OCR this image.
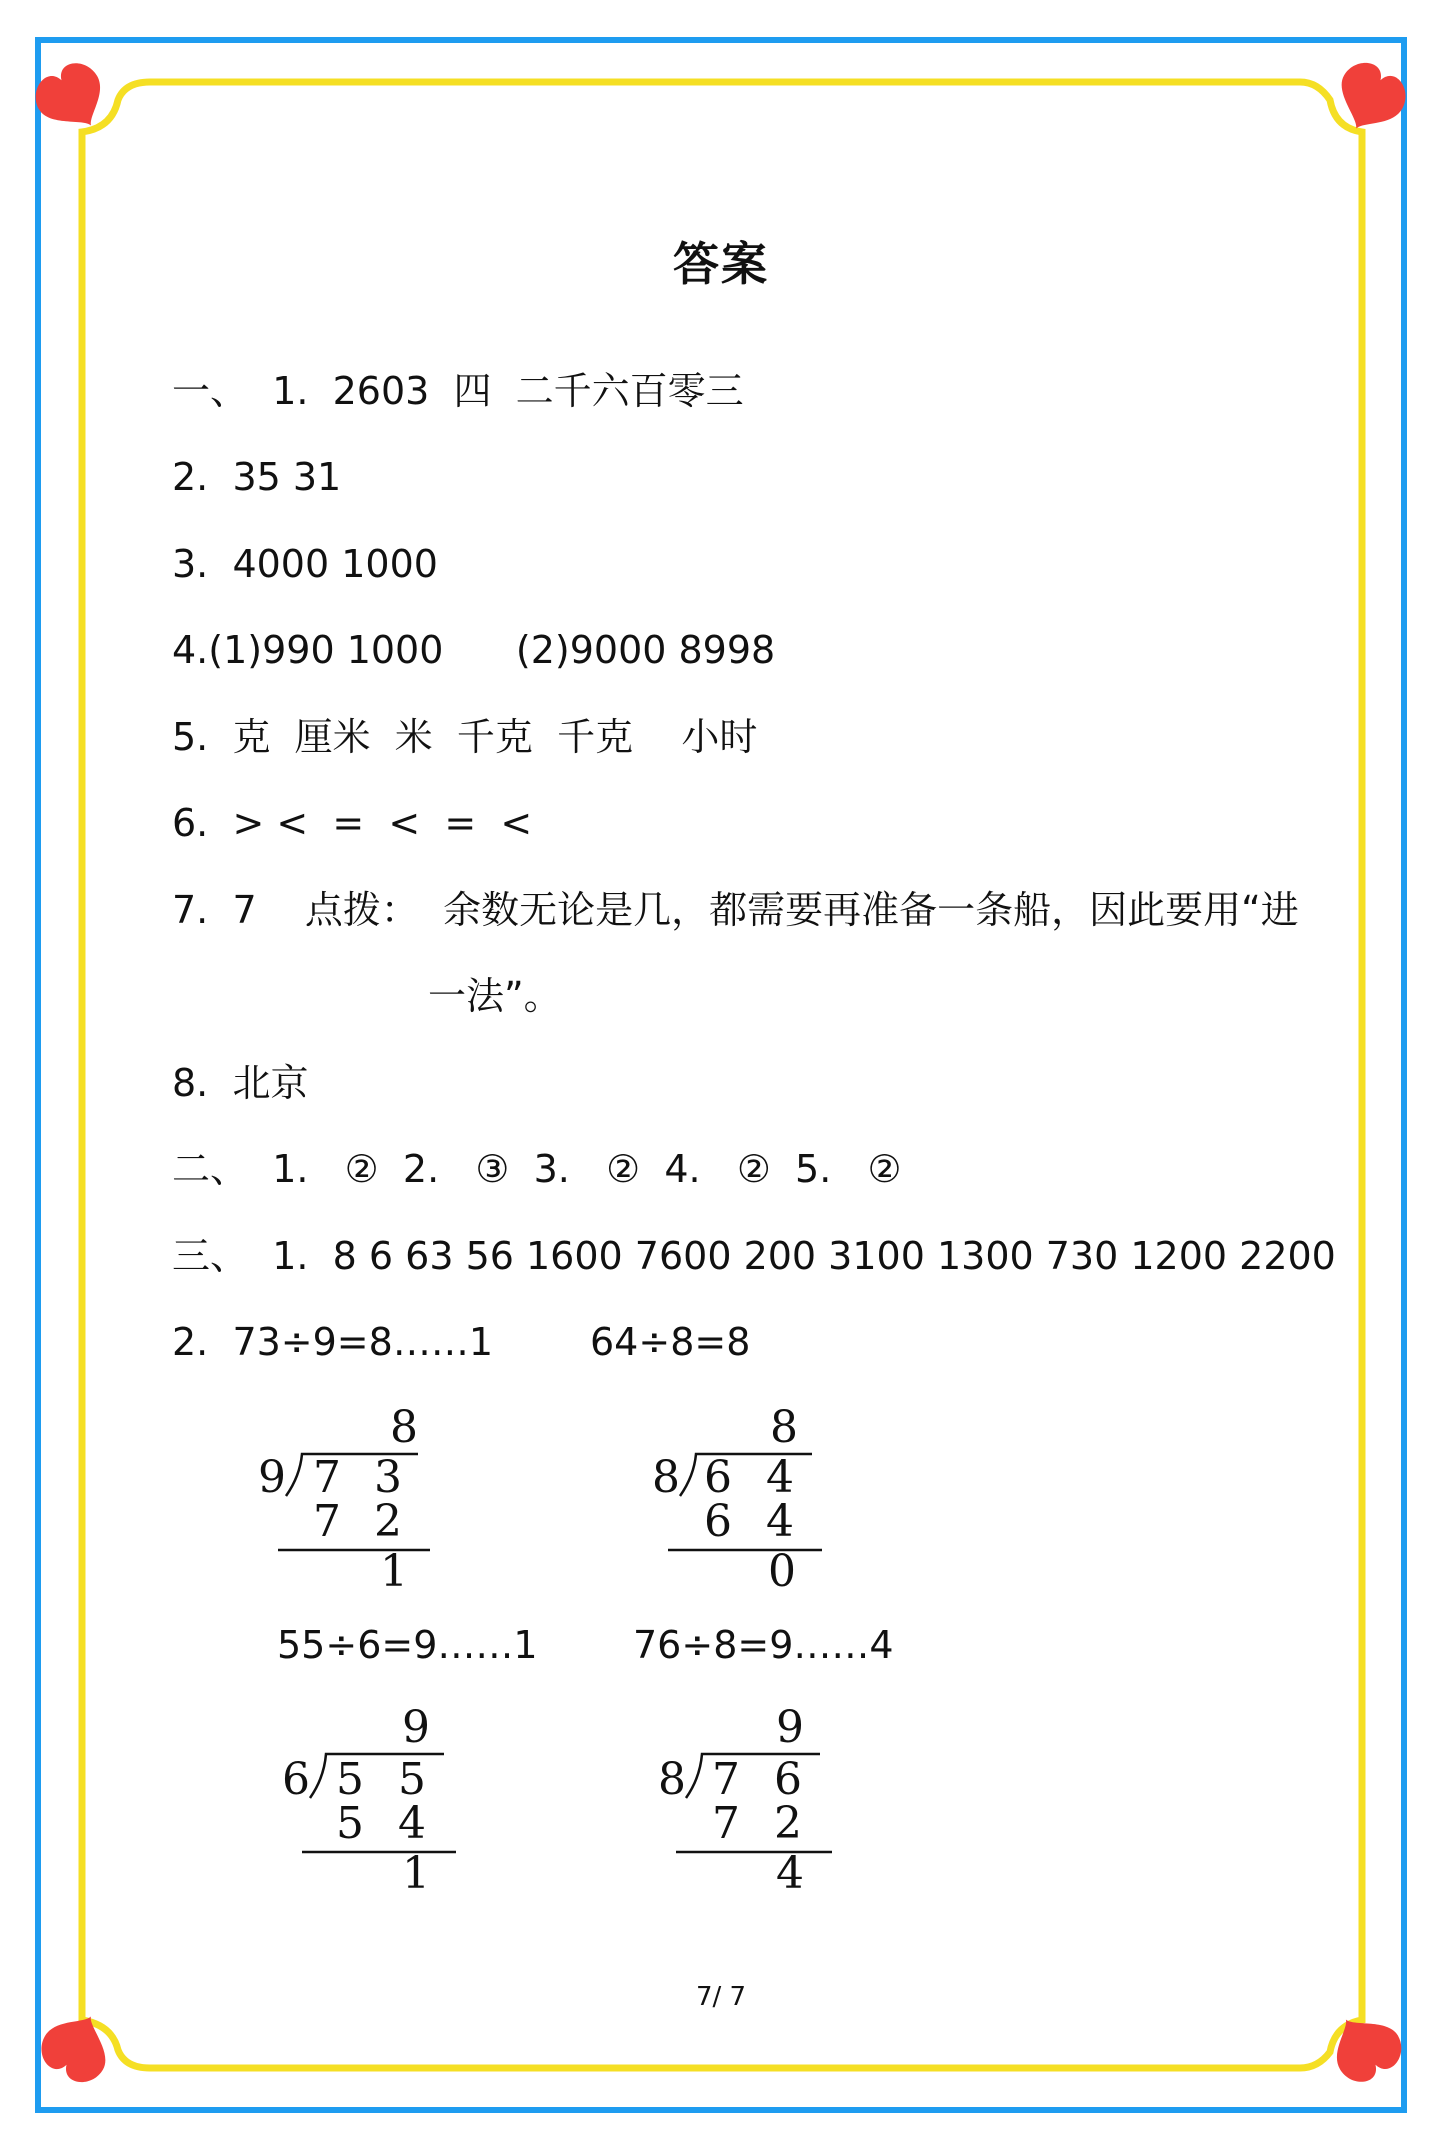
答案
一、 1. 2603  四  二千六百零三
2. 35 31
3. 4000 1000
4.(1)990 1000      (2)9000 8998
5. 克  厘米  米  千克  千克    小时
6. > <  =  <  =  <
7. 7    点拨：  余数无论是几，都需要再准备一条船，因此要用“进
一法”。
8. 北京
二、 1.   ②  2.   ③  3.   ②  4.   ②  5.   ②
三、 1. 8 6 63 56 1600 7600 200 3100 1300 730 1200 2200
2. 73÷9=8……1	64÷8=8
55÷6=9……1	76÷8=9……4
8
9 7 3
7 2
1
8
8 6 4
6 4
0
9
6 5 5
5 4
1
9
8 7 6
7 2
4
7/ 7
